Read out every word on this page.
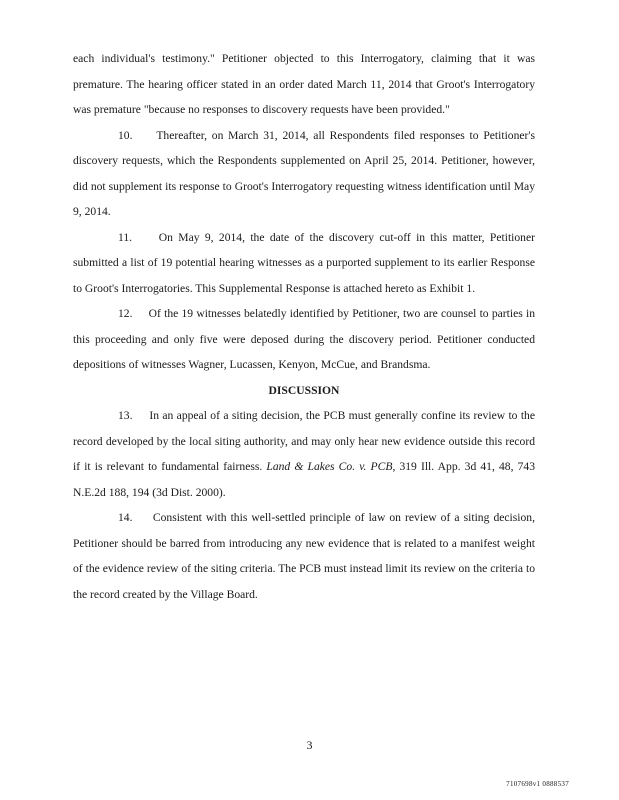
each individual's testimony." Petitioner objected to this Interrogatory, claiming that it was premature. The hearing officer stated in an order dated March 11, 2014 that Groot's Interrogatory was premature "because no responses to discovery requests have been provided."

10. Thereafter, on March 31, 2014, all Respondents filed responses to Petitioner's discovery requests, which the Respondents supplemented on April 25, 2014. Petitioner, however, did not supplement its response to Groot's Interrogatory requesting witness identification until May 9, 2014.

11. On May 9, 2014, the date of the discovery cut-off in this matter, Petitioner submitted a list of 19 potential hearing witnesses as a purported supplement to its earlier Response to Groot's Interrogatories. This Supplemental Response is attached hereto as Exhibit 1.

12. Of the 19 witnesses belatedly identified by Petitioner, two are counsel to parties in this proceeding and only five were deposed during the discovery period. Petitioner conducted depositions of witnesses Wagner, Lucassen, Kenyon, McCue, and Brandsma.

DISCUSSION

13. In an appeal of a siting decision, the PCB must generally confine its review to the record developed by the local siting authority, and may only hear new evidence outside this record if it is relevant to fundamental fairness. Land & Lakes Co. v. PCB, 319 Ill. App. 3d 41, 48, 743 N.E.2d 188, 194 (3d Dist. 2000).

14. Consistent with this well-settled principle of law on review of a siting decision, Petitioner should be barred from introducing any new evidence that is related to a manifest weight of the evidence review of the siting criteria. The PCB must instead limit its review on the criteria to the record created by the Village Board.

3
7107698v1 0888537
